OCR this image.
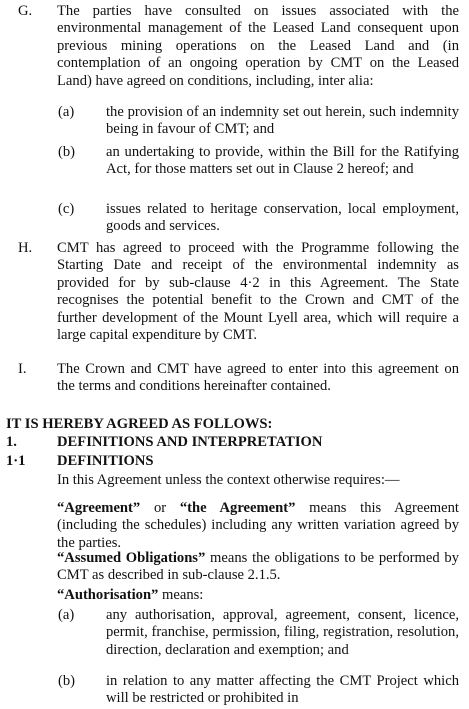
G. The parties have consulted on issues associated with the environmental management of the Leased Land consequent upon previous mining operations on the Leased Land and (in contemplation of an ongoing operation by CMT on the Leased Land) have agreed on conditions, including, inter alia:
(a) the provision of an indemnity set out herein, such indemnity being in favour of CMT; and
(b) an undertaking to provide, within the Bill for the Ratifying Act, for those matters set out in Clause 2 hereof; and
(c) issues related to heritage conservation, local employment, goods and services.
H. CMT has agreed to proceed with the Programme following the Starting Date and receipt of the environmental indemnity as provided for by sub-clause 4·2 in this Agreement. The State recognises the potential benefit to the Crown and CMT of the further development of the Mount Lyell area, which will require a large capital expenditure by CMT.
I. The Crown and CMT have agreed to enter into this agreement on the terms and conditions hereinafter contained.
IT IS HEREBY AGREED AS FOLLOWS:
1.	DEFINITIONS AND INTERPRETATION
1·1 DEFINITIONS
In this Agreement unless the context otherwise requires:—
“Agreement” or “the Agreement” means this Agreement (including the schedules) including any written variation agreed by the parties.
“Assumed Obligations” means the obligations to be performed by CMT as described in sub-clause 2.1.5.
“Authorisation” means:
(a) any authorisation, approval, agreement, consent, licence, permit, franchise, permission, filing, registration, resolution, direction, declaration and exemption; and
(b) in relation to any matter affecting the CMT Project which will be restricted or prohibited in
